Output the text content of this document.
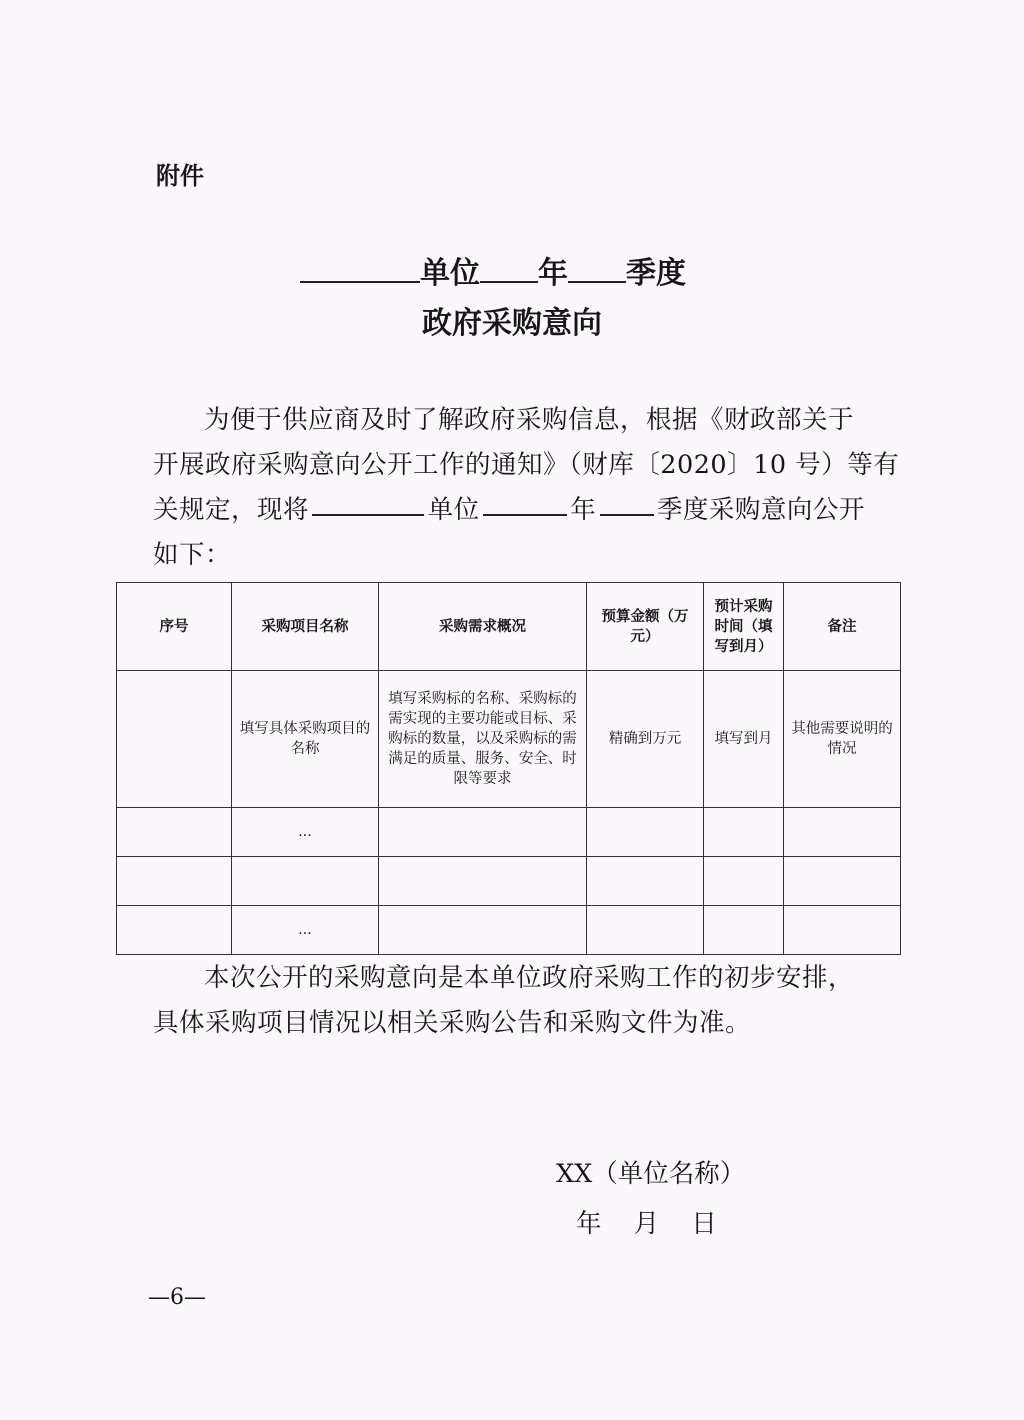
附件
单位 年 季度
政府采购意向
为便于供应商及时了解政府采购信息，根据《财政部关于
开展政府采购意向公开工作的通知》（财库〔2020〕10 号）等有
关规定，现将	单位	年 季度采购意向公开
如下：
序号	采购项目名称	采购需求概况	预算金额（万元）	预计采购时间（填写到月）	备注
	填写具体采购项目的名称	填写采购标的名称、采购标的需实现的主要功能或目标、采购标的数量，以及采购标的需满足的质量、服务、安全、时限等要求	精确到万元	填写到月	其他需要说明的情况
	...				

	...				
本次公开的采购意向是本单位政府采购工作的初步安排，
具体采购项目情况以相关采购公告和采购文件为准。
XX（单位名称）
年 月 日
—6—
